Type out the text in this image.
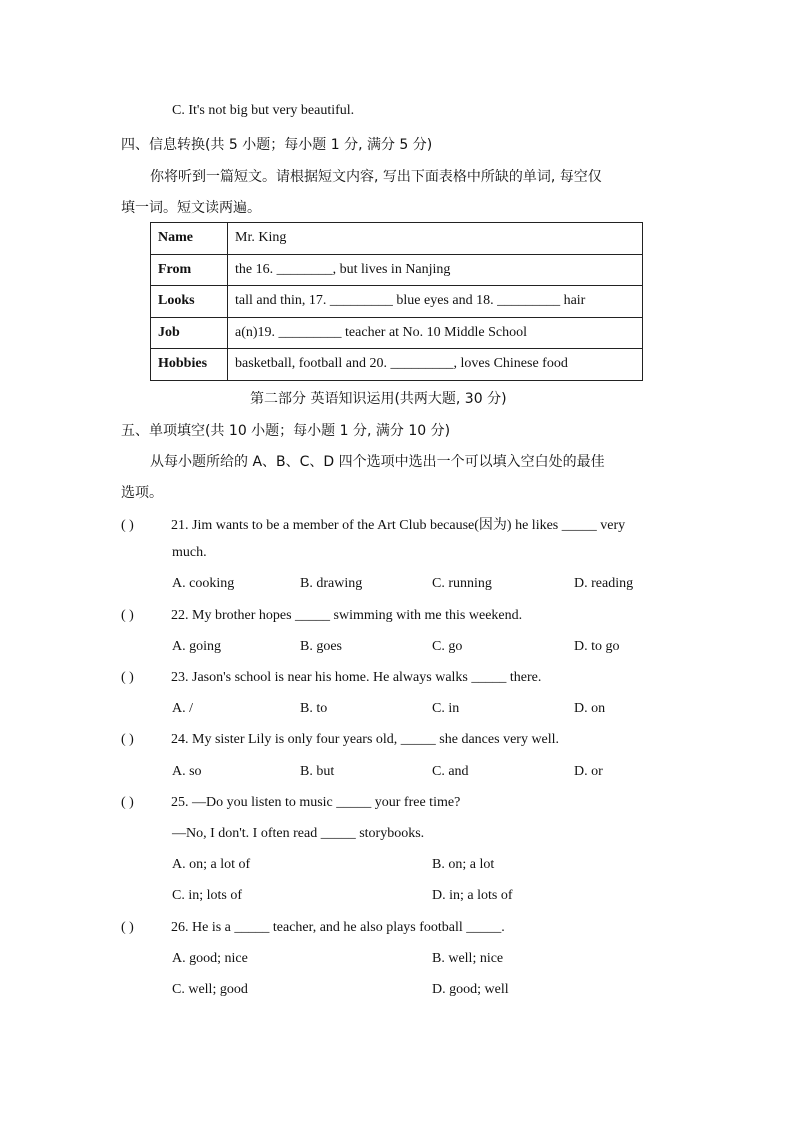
C. It's not big but very beautiful.
四、信息转换(共 5 小题；每小题 1 分, 满分 5 分)
你将听到一篇短文。请根据短文内容, 写出下面表格中所缺的单词, 每空仅
填一词。短文读两遍。
Name	Mr. King
From	the 16. ________, but lives in Nanjing
Looks	tall and thin, 17. _________ blue eyes and 18. _________ hair
Job	a(n)19. _________ teacher at No. 10 Middle School
Hobbies	basketball, football and 20. _________, loves Chinese food
第二部分 英语知识运用(共两大题, 30 分)
五、单项填空(共 10 小题；每小题 1 分, 满分 10 分)
从每小题所给的 A、B、C、D 四个选项中选出一个可以填入空白处的最佳
选项。
( )	21. Jim wants to be a member of the Art Club because(因为) he likes _____ very
much.
A. cooking	B. drawing	C. running	D. reading
( )	22. My brother hopes _____ swimming with me this weekend.
A. going	B. goes	C. go	D. to go
( )	23. Jason's school is near his home. He always walks _____ there.
A. /	B. to	C. in	D. on
( )	24. My sister Lily is only four years old, _____ she dances very well.
A. so	B. but	C. and	D. or
( )	25. —Do you listen to music _____ your free time?
—No, I don't. I often read _____ storybooks.
A. on; a lot of	B. on; a lot
C. in; lots of	D. in; a lots of
( )	26. He is a _____ teacher, and he also plays football _____.
A. good; nice	B. well; nice
C. well; good	D. good; well
